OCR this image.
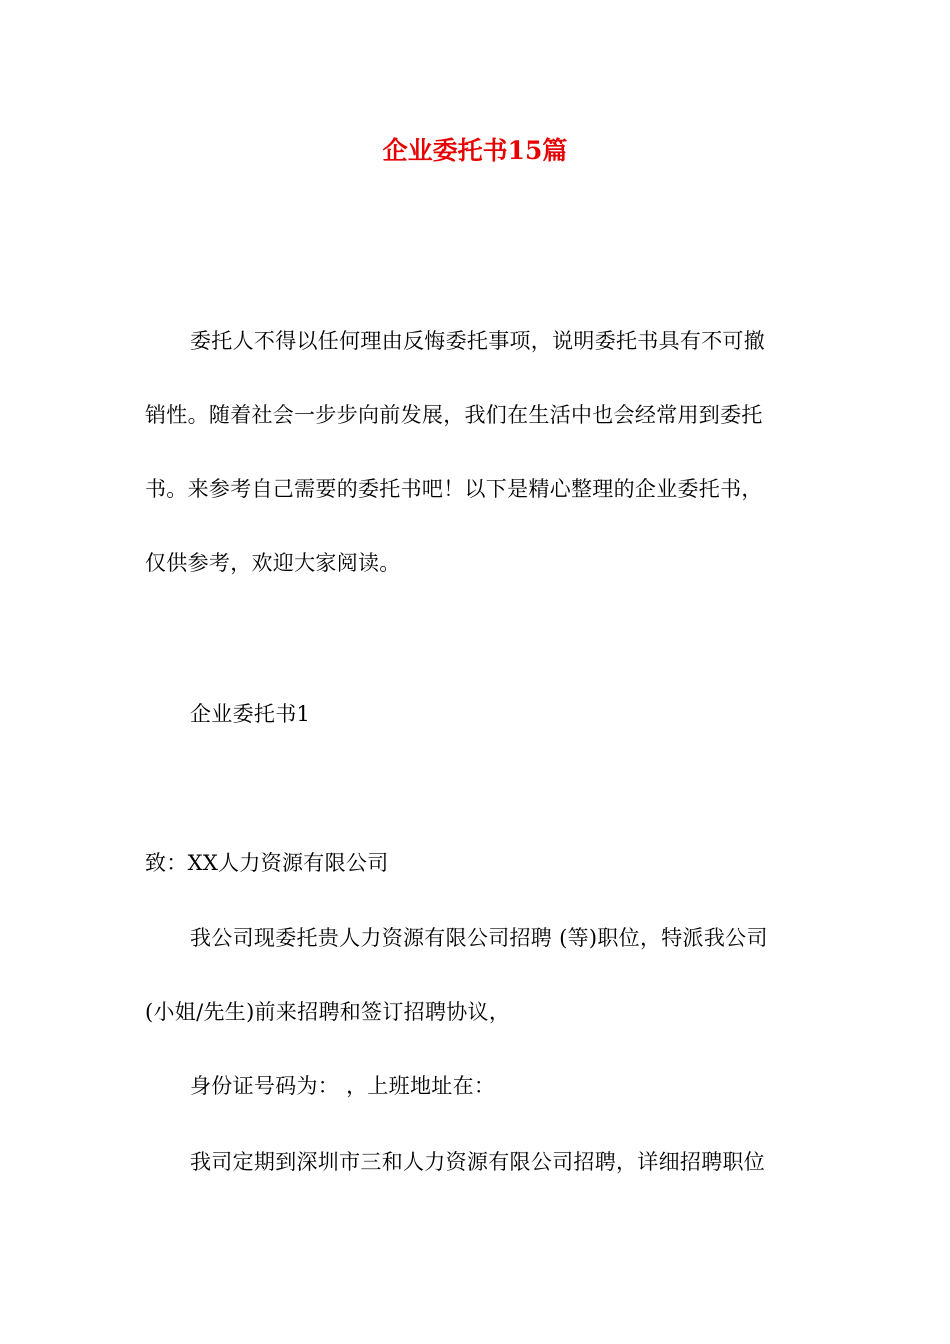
企业委托书15篇
委托人不得以任何理由反悔委托事项，说明委托书具有不可撤
销性。随着社会一步步向前发展，我们在生活中也会经常用到委托
书。来参考自己需要的委托书吧！以下是精心整理的企业委托书，
仅供参考，欢迎大家阅读。
企业委托书1
致：XX人力资源有限公司
我公司现委托贵人力资源有限公司招聘 (等)职位，特派我公司
(小姐/先生)前来招聘和签订招聘协议，
身份证号码为： ，上班地址在：
我司定期到深圳市三和人力资源有限公司招聘，详细招聘职位
